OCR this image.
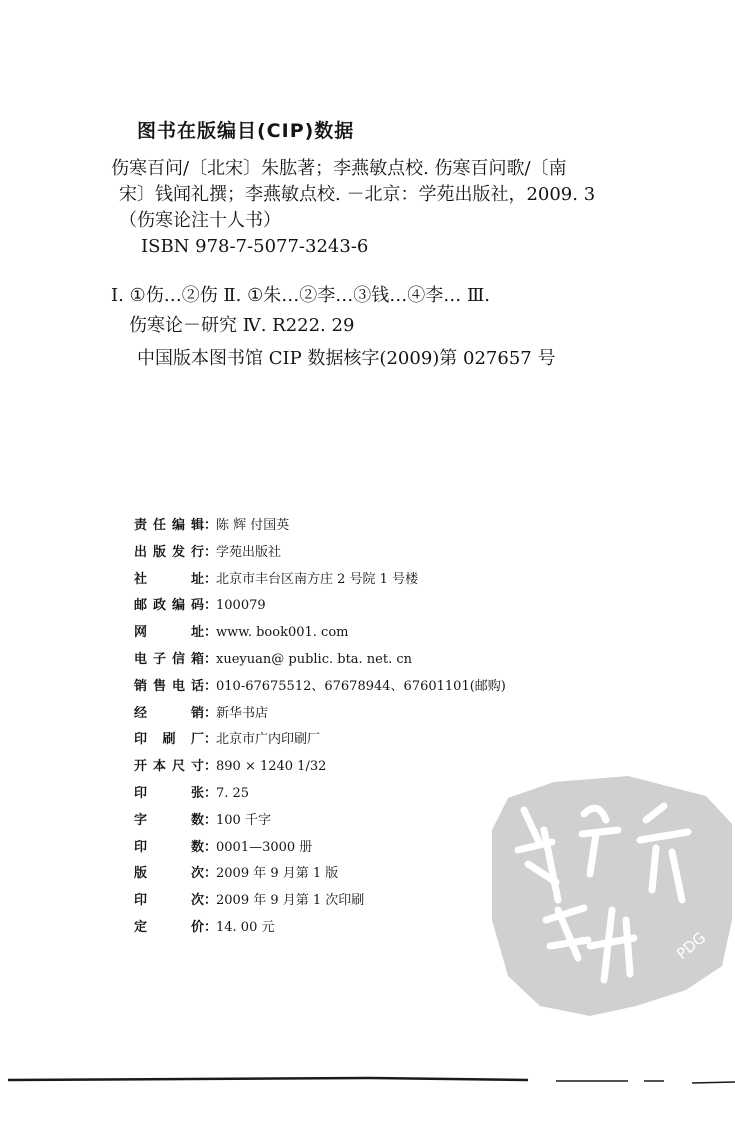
图书在版编目(CIP)数据
伤寒百问/〔北宋〕朱肱著；李燕敏点校. 伤寒百问歌/〔南
宋〕钱闻礼撰；李燕敏点校. －北京：学苑出版社，2009. 3
（伤寒论注十人书）
ISBN 978-7-5077-3243-6
Ⅰ. ①伤…②伤 Ⅱ. ①朱…②李…③钱…④李… Ⅲ.
伤寒论－研究 Ⅳ. R222. 29
中国版本图书馆 CIP 数据核字(2009)第 027657 号
责 任 编 辑 ：
陈 辉 付国英
出 版 发 行 ：
学苑出版社
社	址 ：
北京市丰台区南方庄 2 号院 1 号楼
邮 政 编 码 ：
100079
网	址 ：
www. book001. com
电 子 信 箱 ：
xueyuan@ public. bta. net. cn
销 售 电 话 ：
010-67675512、67678944、67601101(邮购)
经	销 ：
新华书店
印 刷 厂 ：
北京市广内印刷厂
开 本 尺 寸 ：
890 × 1240 1/32
印	张 ：
7. 25
字	数 ：
100 千字
印	数 ：
0001—3000 册
版	次 ：
2009 年 9 月第 1 版
印	次 ：
2009 年 9 月第 1 次印刷
定	价 ：
14. 00 元
PDG
